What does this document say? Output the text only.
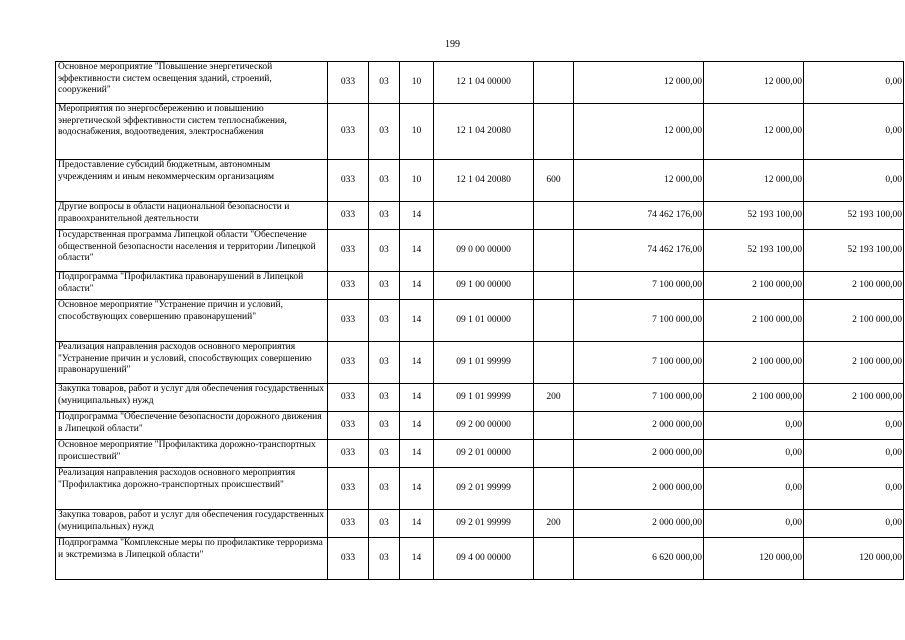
199
Основное мероприятие "Повышение энергетической эффективности систем освещения зданий, строений, сооружений"	033	03	10	12 1 04 00000		12 000,00	12 000,00	0,00
Мероприятия по энергосбережению и повышению энергетической эффективности систем теплоснабжения, водоснабжения, водоотведения, электроснабжения	033	03	10	12 1 04 20080		12 000,00	12 000,00	0,00
Предоставление субсидий бюджетным, автономным учреждениям и иным некоммерческим организациям	033	03	10	12 1 04 20080	600	12 000,00	12 000,00	0,00
Другие вопросы в области национальной безопасности и правоохранительной деятельности	033	03	14			74 462 176,00	52 193 100,00	52 193 100,00
Государственная программа Липецкой области "Обеспечение общественной безопасности населения и территории Липецкой области"	033	03	14	09 0 00 00000		74 462 176,00	52 193 100,00	52 193 100,00
Подпрограмма "Профилактика правонарушений в Липецкой области"	033	03	14	09 1 00 00000		7 100 000,00	2 100 000,00	2 100 000,00
Основное мероприятие "Устранение причин и условий, способствующих совершению правонарушений"	033	03	14	09 1 01 00000		7 100 000,00	2 100 000,00	2 100 000,00
Реализация направления расходов основного мероприятия "Устранение причин и условий, способствующих совершению правонарушений"	033	03	14	09 1 01 99999		7 100 000,00	2 100 000,00	2 100 000,00
Закупка товаров, работ и услуг для обеспечения государственных (муниципальных) нужд	033	03	14	09 1 01 99999	200	7 100 000,00	2 100 000,00	2 100 000,00
Подпрограмма "Обеспечение безопасности дорожного движения в Липецкой области"	033	03	14	09 2 00 00000		2 000 000,00	0,00	0,00
Основное мероприятие "Профилактика дорожно-транспортных происшествий"	033	03	14	09 2 01 00000		2 000 000,00	0,00	0,00
Реализация направления расходов основного мероприятия "Профилактика дорожно-транспортных происшествий"	033	03	14	09 2 01 99999		2 000 000,00	0,00	0,00
Закупка товаров, работ и услуг для обеспечения государственных (муниципальных) нужд	033	03	14	09 2 01 99999	200	2 000 000,00	0,00	0,00
Подпрограмма "Комплексные меры по профилактике терроризма и экстремизма в Липецкой области"	033	03	14	09 4 00 00000		6 620 000,00	120 000,00	120 000,00
